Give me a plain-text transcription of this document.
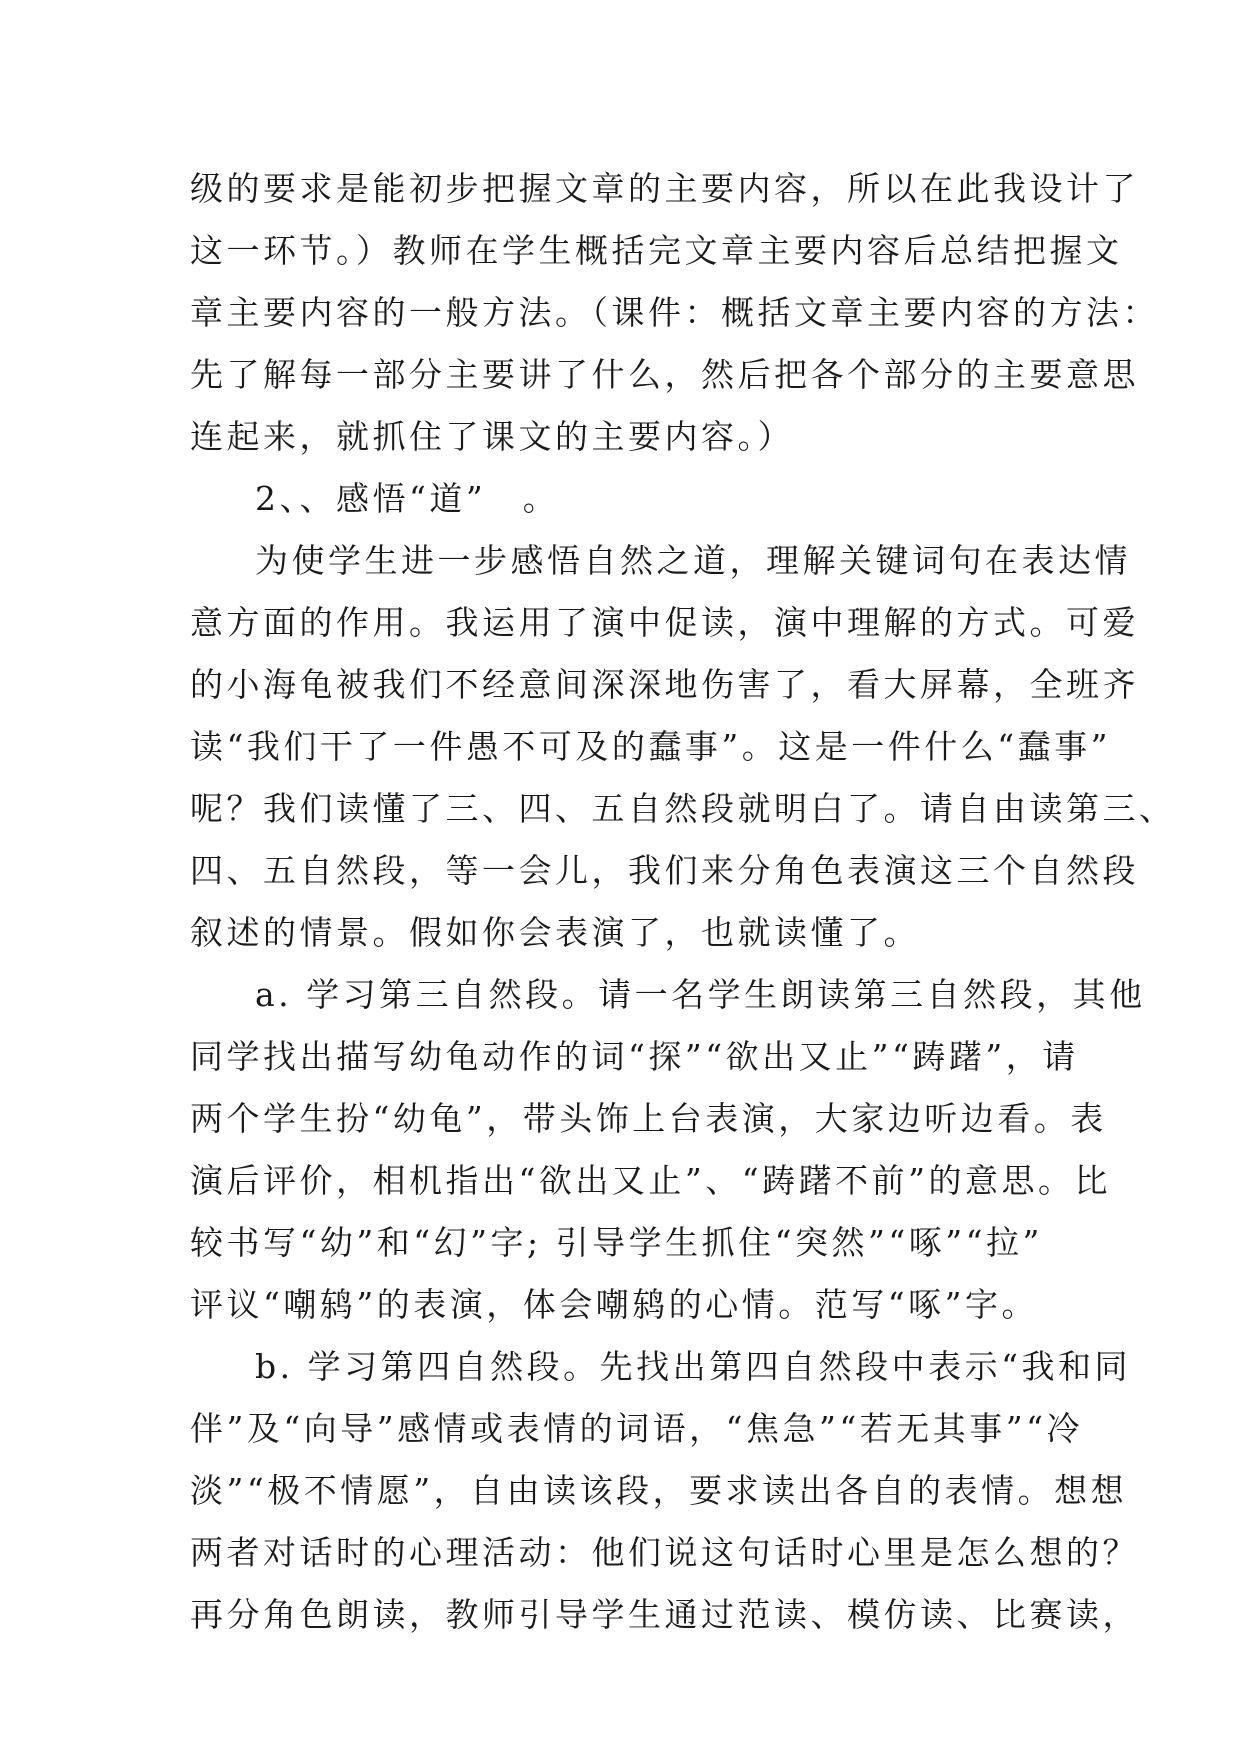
级的要求是能初步把握文章的主要内容，所以在此我设计了
这一环节。）教师在学生概括完文章主要内容后总结把握文
章主要内容的一般方法。（课件：概括文章主要内容的方法：
先了解每一部分主要讲了什么，然后把各个部分的主要意思
连起来，就抓住了课文的主要内容。）
2、、感悟“道”　。
为使学生进一步感悟自然之道，理解关键词句在表达情
意方面的作用。我运用了演中促读，演中理解的方式。可爱
的小海龟被我们不经意间深深地伤害了，看大屏幕，全班齐
读“我们干了一件愚不可及的蠢事”。这是一件什么“蠢事”
呢？我们读懂了三、四、五自然段就明白了。请自由读第三、
四、五自然段，等一会儿，我们来分角色表演这三个自然段
叙述的情景。假如你会表演了，也就读懂了。
a. 学习第三自然段。请一名学生朗读第三自然段，其他
同学找出描写幼龟动作的词“探”“欲出又止”“踌躇”，请
两个学生扮“幼龟”，带头饰上台表演，大家边听边看。表
演后评价，相机指出“欲出又止”、“踌躇不前”的意思。比
较书写“幼”和“幻”字; 引导学生抓住“突然”“啄”“拉”
评议“嘲鸫”的表演，体会嘲鸫的心情。范写“啄”字。
b. 学习第四自然段。先找出第四自然段中表示“我和同
伴”及“向导”感情或表情的词语，“焦急”“若无其事”“冷
淡”“极不情愿”，自由读该段，要求读出各自的表情。想想
两者对话时的心理活动：他们说这句话时心里是怎么想的？
再分角色朗读，教师引导学生通过范读、模仿读、比赛读，
